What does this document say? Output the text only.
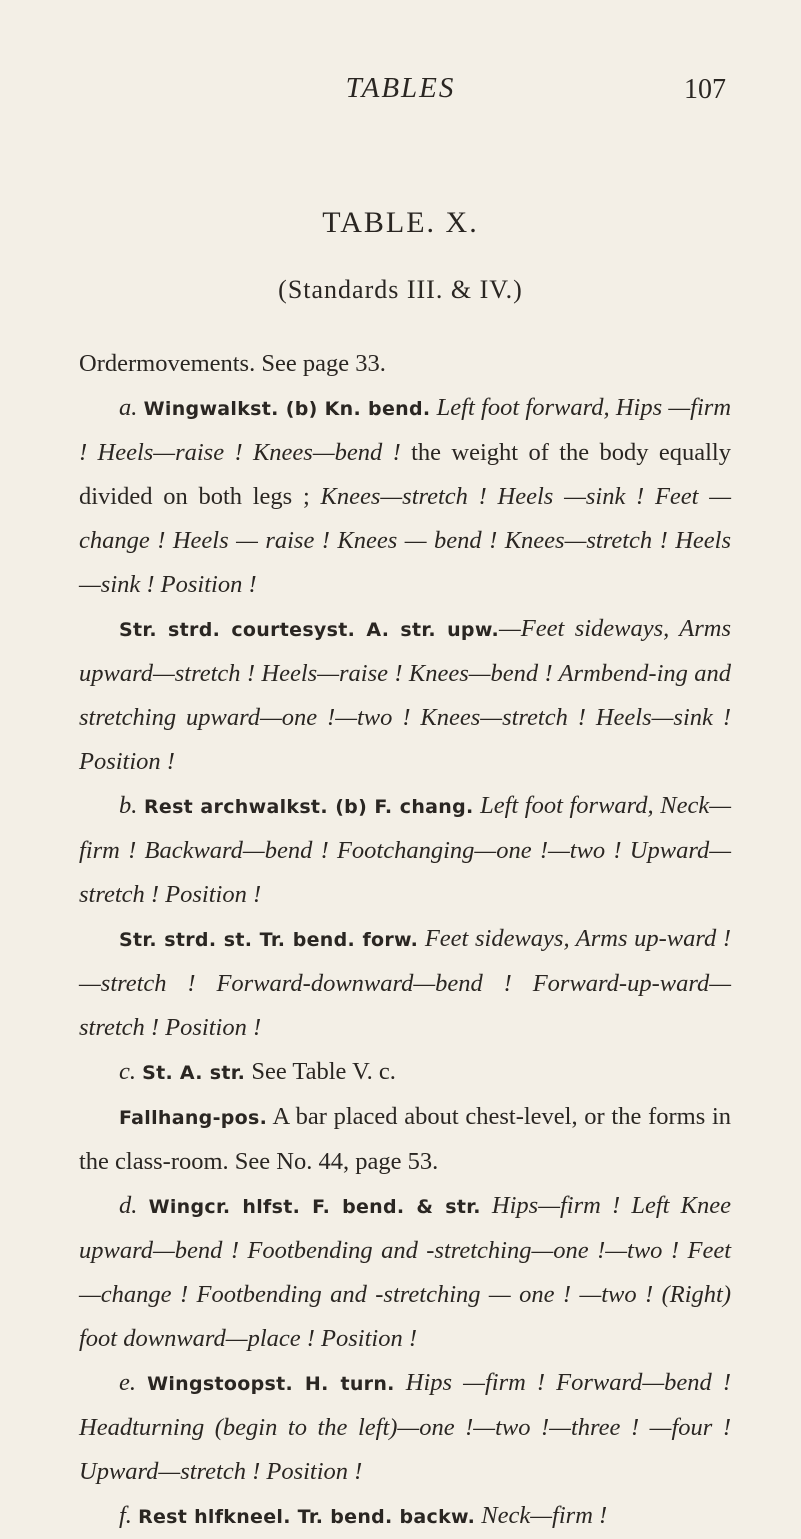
TABLES	107
TABLE. X.
(Standards III. & IV.)

Ordermovements. See page 33.

a. Wingwalkst. (b) Kn. bend. Left foot forward, Hips —firm ! Heels—raise ! Knees—bend ! the weight of the body equally divided on both legs ; Knees—stretch ! Heels —sink ! Feet — change ! Heels — raise ! Knees — bend ! Knees—stretch ! Heels—sink ! Position !

Str. strd. courtesyst. A. str. upw.—Feet sideways, Arms upward—stretch ! Heels—raise ! Knees—bend ! Armbend-ing and stretching upward—one !—two ! Knees—stretch ! Heels—sink ! Position !

b. Rest archwalkst. (b) F. chang. Left foot forward, Neck—firm ! Backward—bend ! Footchanging—one !—two ! Upward—stretch ! Position !

Str. strd. st. Tr. bend. forw. Feet sideways, Arms up-ward !—stretch ! Forward-downward—bend ! Forward-up-ward—stretch ! Position !

c. St. A. str. See Table V. c.

Fallhang-pos. A bar placed about chest-level, or the forms in the class-room. See No. 44, page 53.

d. Wingcr. hlfst. F. bend. & str. Hips—firm ! Left Knee upward—bend ! Footbending and -stretching—one !—two ! Feet—change ! Footbending and -stretching — one ! —two ! (Right) foot downward—place ! Position !

e. Wingstoopst. H. turn. Hips —firm ! Forward—bend ! Headturning (begin to the left)—one !—two !—three ! —four ! Upward—stretch ! Position !

f. Rest hlfkneel. Tr. bend. backw. Neck—firm !
